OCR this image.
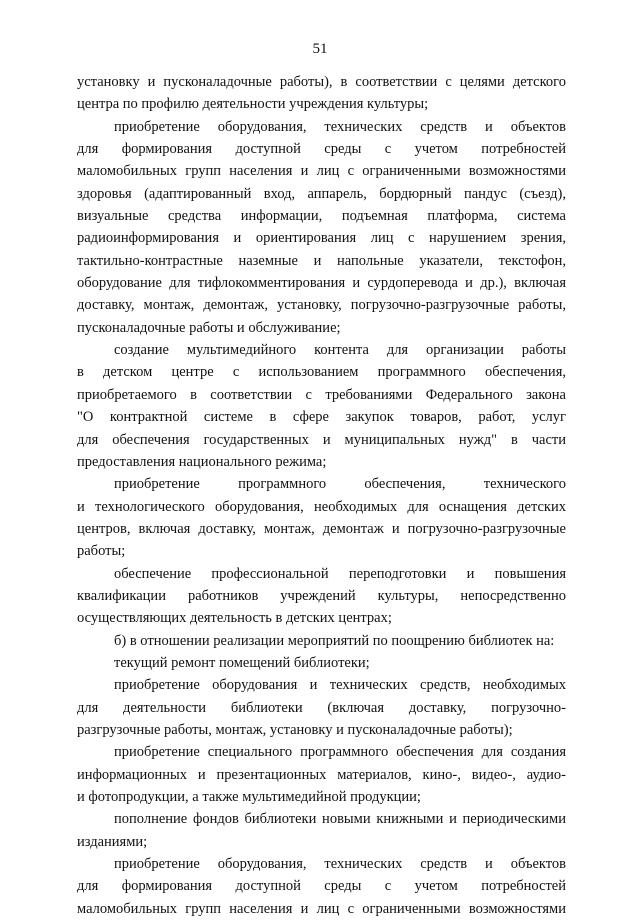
51
установку и пусконаладочные работы), в соответствии с целями детского
центра по профилю деятельности учреждения культуры;
приобретение оборудования, технических средств и объектов
для формирования доступной среды с учетом потребностей
маломобильных групп населения и лиц с ограниченными возможностями
здоровья (адаптированный вход, аппарель, бордюрный пандус (съезд),
визуальные средства информации, подъемная платформа, система
радиоинформирования и ориентирования лиц с нарушением зрения,
тактильно-контрастные наземные и напольные указатели, текстофон,
оборудование для тифлокомментирования и сурдоперевода и др.), включая
доставку, монтаж, демонтаж, установку, погрузочно-разгрузочные работы,
пусконаладочные работы и обслуживание;
создание мультимедийного контента для организации работы
в детском центре с использованием программного обеспечения,
приобретаемого в соответствии с требованиями Федерального закона
"О контрактной системе в сфере закупок товаров, работ, услуг
для обеспечения государственных и муниципальных нужд" в части
предоставления национального режима;
приобретение программного обеспечения, технического
и технологического оборудования, необходимых для оснащения детских
центров, включая доставку, монтаж, демонтаж и погрузочно-разгрузочные
работы;
обеспечение профессиональной переподготовки и повышения
квалификации работников учреждений культуры, непосредственно
осуществляющих деятельность в детских центрах;
б) в отношении реализации мероприятий по поощрению библиотек на:
текущий ремонт помещений библиотеки;
приобретение оборудования и технических средств, необходимых
для деятельности библиотеки (включая доставку, погрузочно-
разгрузочные работы, монтаж, установку и пусконаладочные работы);
приобретение специального программного обеспечения для создания
информационных и презентационных материалов, кино-, видео-, аудио-
и фотопродукции, а также мультимедийной продукции;
пополнение фондов библиотеки новыми книжными и периодическими
изданиями;
приобретение оборудования, технических средств и объектов
для формирования доступной среды с учетом потребностей
маломобильных групп населения и лиц с ограниченными возможностями
